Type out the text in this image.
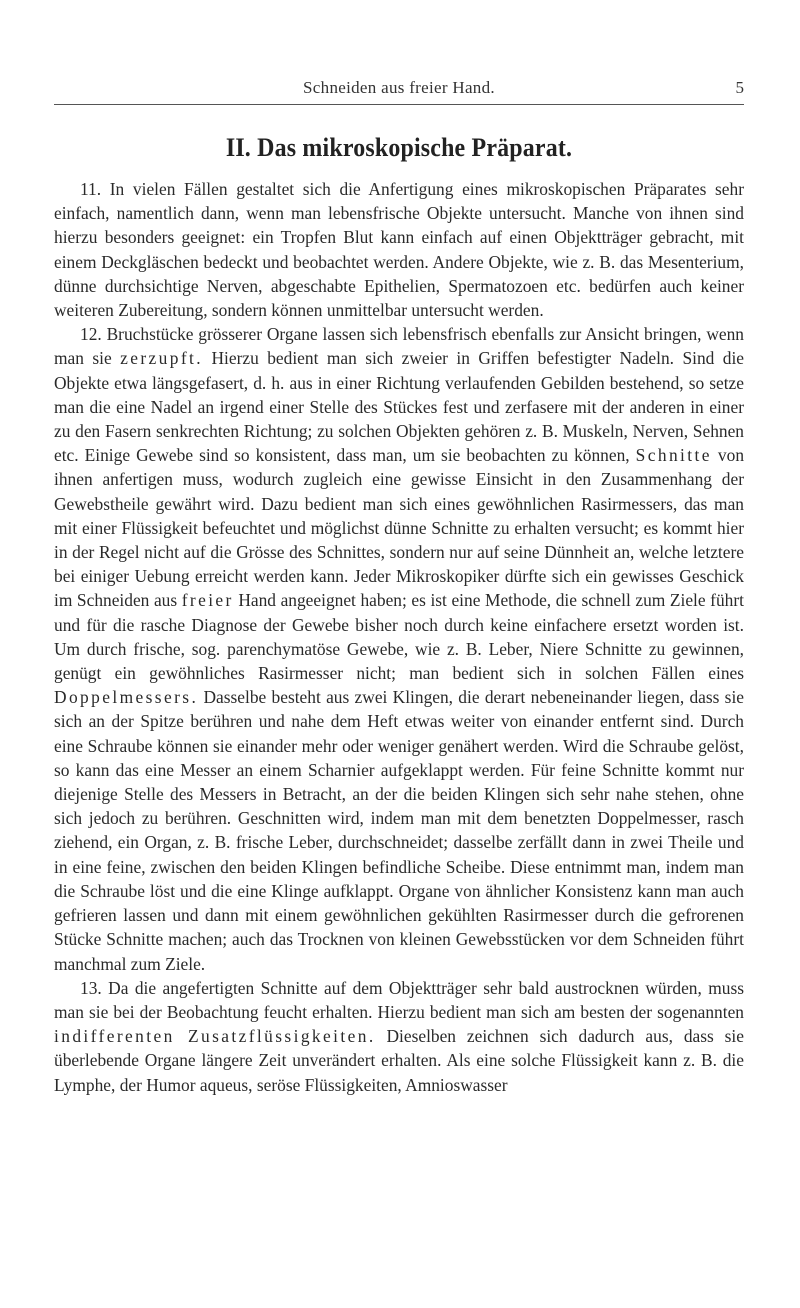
Schneiden aus freier Hand.	5
II. Das mikroskopische Präparat.

11. In vielen Fällen gestaltet sich die Anfertigung eines mikroskopischen Präparates sehr einfach, namentlich dann, wenn man lebensfrische Objekte untersucht. Manche von ihnen sind hierzu besonders geeignet: ein Tropfen Blut kann einfach auf einen Objektträger gebracht, mit einem Deckgläschen bedeckt und beobachtet werden. Andere Objekte, wie z. B. das Mesenterium, dünne durchsichtige Nerven, abgeschabte Epithelien, Spermatozoen etc. bedürfen auch keiner weiteren Zubereitung, sondern können unmittelbar untersucht werden.

12. Bruchstücke grösserer Organe lassen sich lebensfrisch ebenfalls zur Ansicht bringen, wenn man sie zerzupft. Hierzu bedient man sich zweier in Griffen befestigter Nadeln. Sind die Objekte etwa längsgefasert, d. h. aus in einer Richtung verlaufenden Gebilden bestehend, so setze man die eine Nadel an irgend einer Stelle des Stückes fest und zerfasere mit der anderen in einer zu den Fasern senkrechten Richtung; zu solchen Objekten gehören z. B. Muskeln, Nerven, Sehnen etc. Einige Gewebe sind so konsistent, dass man, um sie beobachten zu können, Schnitte von ihnen anfertigen muss, wodurch zugleich eine gewisse Einsicht in den Zusammenhang der Gewebstheile gewährt wird. Dazu bedient man sich eines gewöhnlichen Rasirmessers, das man mit einer Flüssigkeit befeuchtet und möglichst dünne Schnitte zu erhalten versucht; es kommt hier in der Regel nicht auf die Grösse des Schnittes, sondern nur auf seine Dünnheit an, welche letztere bei einiger Uebung erreicht werden kann. Jeder Mikroskopiker dürfte sich ein gewisses Geschick im Schneiden aus freier Hand angeeignet haben; es ist eine Methode, die schnell zum Ziele führt und für die rasche Diagnose der Gewebe bisher noch durch keine einfachere ersetzt worden ist. Um durch frische, sog. parenchymatöse Gewebe, wie z. B. Leber, Niere Schnitte zu gewinnen, genügt ein gewöhnliches Rasirmesser nicht; man bedient sich in solchen Fällen eines Doppelmessers. Dasselbe besteht aus zwei Klingen, die derart nebeneinander liegen, dass sie sich an der Spitze berühren und nahe dem Heft etwas weiter von einander entfernt sind. Durch eine Schraube können sie einander mehr oder weniger genähert werden. Wird die Schraube gelöst, so kann das eine Messer an einem Scharnier aufgeklappt werden. Für feine Schnitte kommt nur diejenige Stelle des Messers in Betracht, an der die beiden Klingen sich sehr nahe stehen, ohne sich jedoch zu berühren. Geschnitten wird, indem man mit dem benetzten Doppelmesser, rasch ziehend, ein Organ, z. B. frische Leber, durchschneidet; dasselbe zerfällt dann in zwei Theile und in eine feine, zwischen den beiden Klingen befindliche Scheibe. Diese entnimmt man, indem man die Schraube löst und die eine Klinge aufklappt. Organe von ähnlicher Konsistenz kann man auch gefrieren lassen und dann mit einem gewöhnlichen gekühlten Rasirmesser durch die gefrorenen Stücke Schnitte machen; auch das Trocknen von kleinen Gewebsstücken vor dem Schneiden führt manchmal zum Ziele.

13. Da die angefertigten Schnitte auf dem Objektträger sehr bald austrocknen würden, muss man sie bei der Beobachtung feucht erhalten. Hierzu bedient man sich am besten der sogenannten indifferenten Zusatzflüssigkeiten. Dieselben zeichnen sich dadurch aus, dass sie überlebende Organe längere Zeit unverändert erhalten. Als eine solche Flüssigkeit kann z. B. die Lymphe, der Humor aqueus, seröse Flüssigkeiten, Amnioswasser
